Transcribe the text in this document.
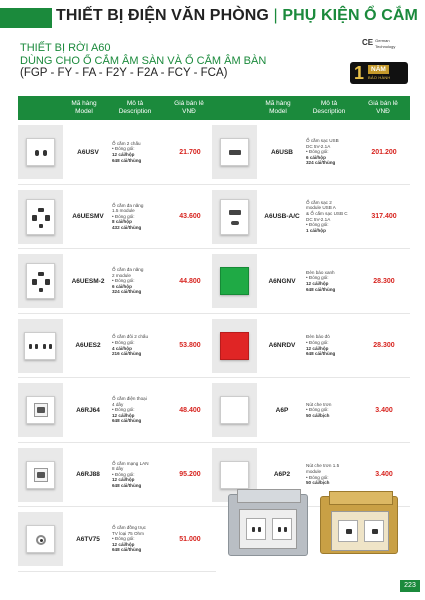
THIẾT BỊ ĐIỆN VĂN PHÒNG | PHỤ KIỆN Ổ CẮM
CE German
Technology
THIẾT BỊ RỜI A60
DÙNG CHO Ổ CẮM ÂM SÀN VÀ Ổ CẮM ÂM BÀN
(FGP - FY - FA - F2Y - F2A - FCY - FCA)	1	NĂM
BẢO HÀNH
Mã hàng
Model
Mô tả
Description
Giá bán lẻ
VNĐ
A6USV
Ổ cắm 2 chấu
• Đóng gói:
12 cái/hộp
648 cái/thùng
21.700
A6UESMV
Ổ cắm đa năng
1.5 module
• Đóng gói:
8 cái/hộp
432 cái/thùng
43.600
A6UESM-2
Ổ cắm đa năng
2 module
• Đóng gói:
6 cái/hộp
324 cái/thùng
44.800
A6UES2
Ổ cắm đôi 2 chấu
• Đóng gói:
4 cái/hộp
216 cái/thùng
53.800
A6RJ64
Ổ cắm điện thoại
4 dây
• Đóng gói:
12 cái/hộp
648 cái/thùng
48.400
A6RJ88
Ổ cắm mạng LAN
8 dây
• Đóng gói:
12 cái/hộp
648 cái/thùng
95.200
A6TV75
Ổ cắm đồng trục
TV loại 75 Ohm
• Đóng gói:
12 cái/hộp
648 cái/thùng
51.000
Mã hàng
Model
Mô tả
Description
Giá bán lẻ
VNĐ
A6USB
Ổ cắm sạc USB
DC 5V-2.1A
• Đóng gói:
6 cái/hộp
324 cái/thùng
201.200
A6USB-A/C
Ổ cắm sạc 2
module USB A
& Ổ cắm sạc USB C
DC 5V-2.1A
• Đóng gói:
1 cái/hộp
317.400
A6NGNV
Đèn báo xanh
• Đóng gói:
12 cái/hộp
648 cái/thùng
28.300
A6NRDV
Đèn báo đỏ
• Đóng gói:
12 cái/hộp
648 cái/thùng
28.300
A6P
Nút che trơn
• Đóng gói:
50 cái/bịch
3.400
A6P2
Nút che trơn 1.5
module
• Đóng gói:
50 cái/bịch
3.400
223
